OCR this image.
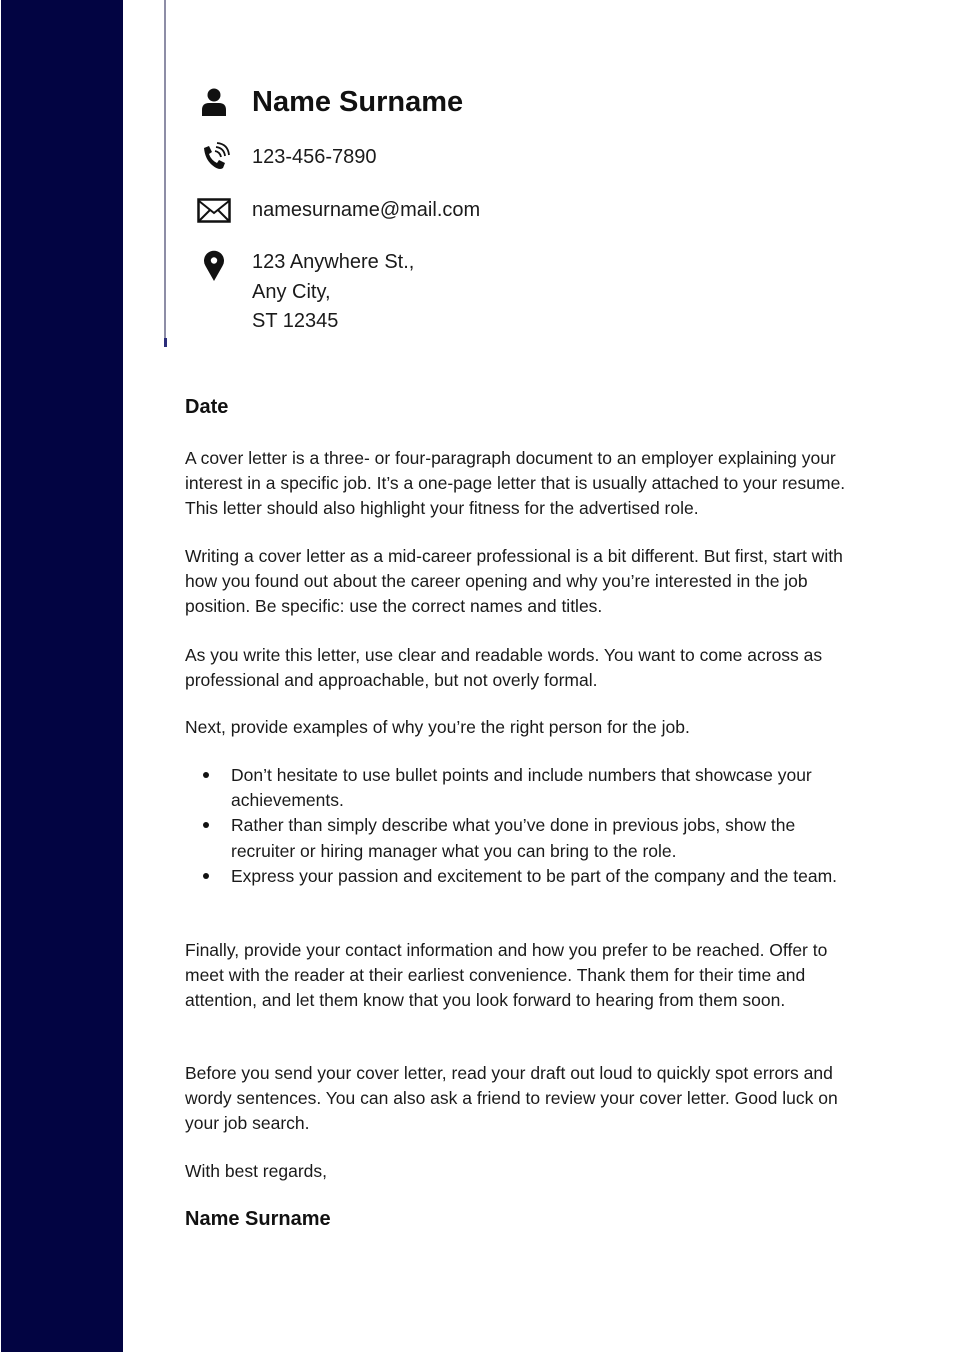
Name Surname
123-456-7890
namesurname@mail.com
123 Anywhere St.,
Any City,
ST 12345
Date

A cover letter is a three- or four-paragraph document to an employer explaining your interest in a specific job. It’s a one-page letter that is usually attached to your resume. This letter should also highlight your fitness for the advertised role.

Writing a cover letter as a mid-career professional is a bit different. But first, start with how you found out about the career opening and why you’re interested in the job position. Be specific: use the correct names and titles.

As you write this letter, use clear and readable words. You want to come across as professional and approachable, but not overly formal.

Next, provide examples of why you’re the right person for the job.

Don’t hesitate to use bullet points and include numbers that showcase your achievements.
Rather than simply describe what you’ve done in previous jobs, show the recruiter or hiring manager what you can bring to the role.
Express your passion and excitement to be part of the company and the team.

Finally, provide your contact information and how you prefer to be reached. Offer to meet with the reader at their earliest convenience. Thank them for their time and attention, and let them know that you look forward to hearing from them soon.

Before you send your cover letter, read your draft out loud to quickly spot errors and wordy sentences. You can also ask a friend to review your cover letter. Good luck on your job search.

With best regards,

Name Surname
